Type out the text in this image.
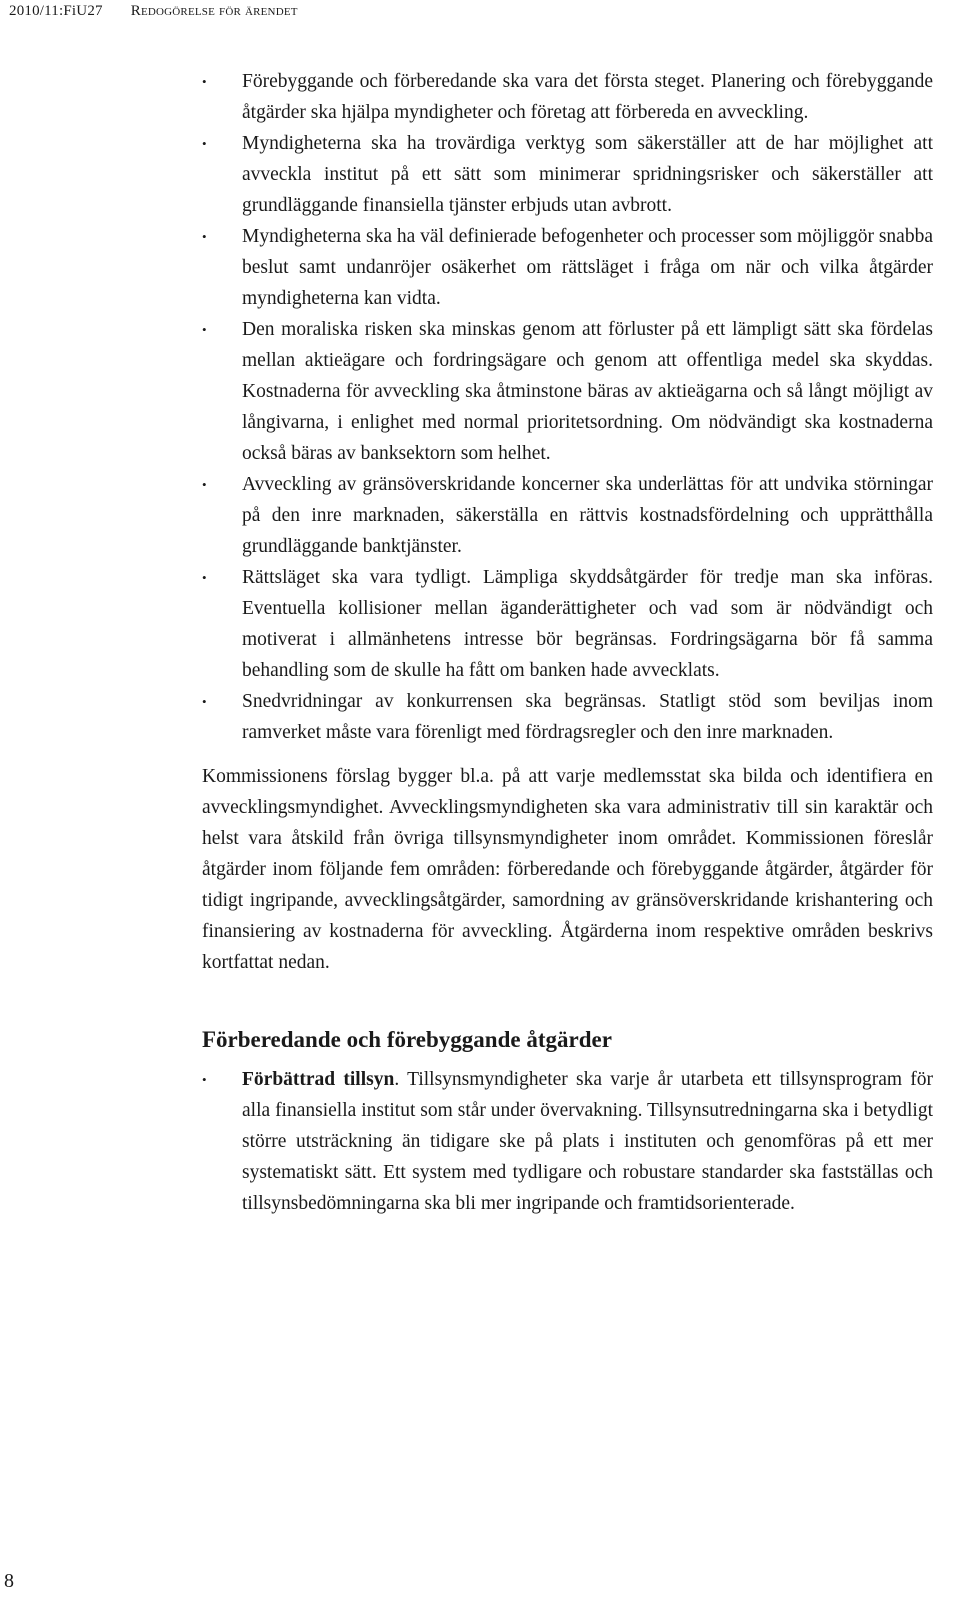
2010/11:FiU27 Redogörelse för ärendet
• Förebyggande och förberedande ska vara det första steget. Planering och förebyggande åtgärder ska hjälpa myndigheter och företag att förbereda en avveckling.
• Myndigheterna ska ha trovärdiga verktyg som säkerställer att de har möjlighet att avveckla institut på ett sätt som minimerar spridningsrisker och säkerställer att grundläggande finansiella tjänster erbjuds utan avbrott.
• Myndigheterna ska ha väl definierade befogenheter och processer som möjliggör snabba beslut samt undanröjer osäkerhet om rättsläget i fråga om när och vilka åtgärder myndigheterna kan vidta.
• Den moraliska risken ska minskas genom att förluster på ett lämpligt sätt ska fördelas mellan aktieägare och fordringsägare och genom att offentliga medel ska skyddas. Kostnaderna för avveckling ska åtminstone bäras av aktieägarna och så långt möjligt av långivarna, i enlighet med normal prioritetsordning. Om nödvändigt ska kostnaderna också bäras av banksektorn som helhet.
• Avveckling av gränsöverskridande koncerner ska underlättas för att undvika störningar på den inre marknaden, säkerställa en rättvis kostnadsfördelning och upprätthålla grundläggande banktjänster.
• Rättsläget ska vara tydligt. Lämpliga skyddsåtgärder för tredje man ska införas. Eventuella kollisioner mellan äganderättigheter och vad som är nödvändigt och motiverat i allmänhetens intresse bör begränsas. Fordringsägarna bör få samma behandling som de skulle ha fått om banken hade avvecklats.
• Snedvridningar av konkurrensen ska begränsas. Statligt stöd som beviljas inom ramverket måste vara förenligt med fördragsregler och den inre marknaden.

Kommissionens förslag bygger bl.a. på att varje medlemsstat ska bilda och identifiera en avvecklingsmyndighet. Avvecklingsmyndigheten ska vara administrativ till sin karaktär och helst vara åtskild från övriga tillsynsmyndigheter inom området. Kommissionen föreslår åtgärder inom följande fem områden: förberedande och förebyggande åtgärder, åtgärder för tidigt ingripande, avvecklingsåtgärder, samordning av gränsöverskridande krishantering och finansiering av kostnaderna för avveckling. Åtgärderna inom respektive områden beskrivs kortfattat nedan.

Förberedande och förebyggande åtgärder
• Förbättrad tillsyn. Tillsynsmyndigheter ska varje år utarbeta ett tillsynsprogram för alla finansiella institut som står under övervakning. Tillsynsutredningarna ska i betydligt större utsträckning än tidigare ske på plats i instituten och genomföras på ett mer systematiskt sätt. Ett system med tydligare och robustare standarder ska fastställas och tillsynsbedömningarna ska bli mer ingripande och framtidsorienterade.
8
